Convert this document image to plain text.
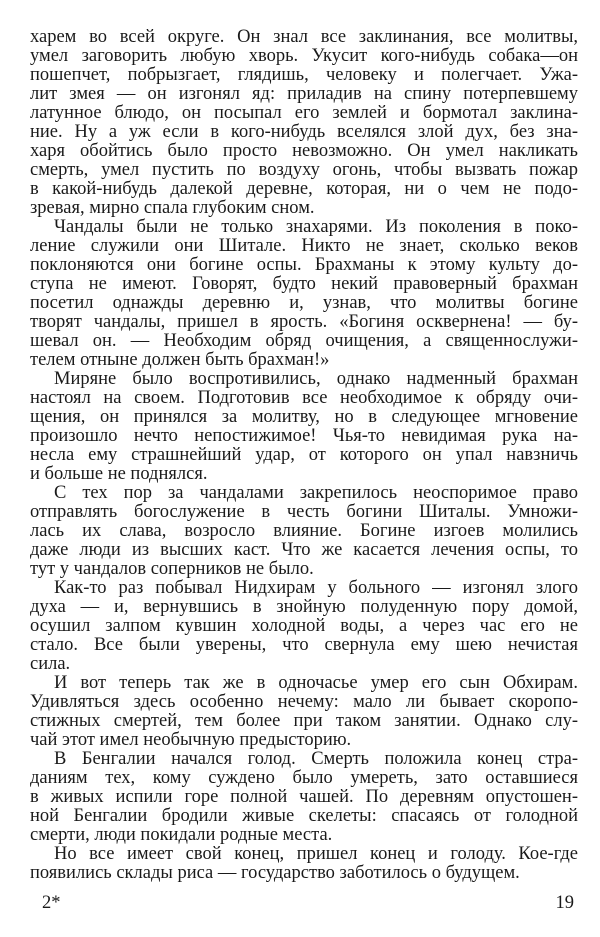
харем во всей округе. Он знал все заклинания, все молитвы,
умел заговорить любую хворь. Укусит кого-нибудь собака—он
пошепчет, побрызгает, глядишь, человеку и полегчает. Ужа-
лит змея — он изгонял яд: приладив на спину потерпевшему
латунное блюдо, он посыпал его землей и бормотал заклина-
ние. Ну а уж если в кого-нибудь вселялся злой дух, без зна-
харя обойтись было просто невозможно. Он умел накликать
смерть, умел пустить по воздуху огонь, чтобы вызвать пожар
в какой-нибудь далекой деревне, которая, ни о чем не подо-
зревая, мирно спала глубоким сном.
Чандалы были не только знахарями. Из поколения в поко-
ление служили они Шитале. Никто не знает, сколько веков
поклоняются они богине оспы. Брахманы к этому культу до-
ступа не имеют. Говорят, будто некий правоверный брахман
посетил однажды деревню и, узнав, что молитвы богине
творят чандалы, пришел в ярость. «Богиня осквернена! — бу-
шевал он. — Необходим обряд очищения, а священнослужи-
телем отныне должен быть брахман!»
Миряне было воспротивились, однако надменный брахман
настоял на своем. Подготовив все необходимое к обряду очи-
щения, он принялся за молитву, но в следующее мгновение
произошло нечто непостижимое! Чья-то невидимая рука на-
несла ему страшнейший удар, от которого он упал навзничь
и больше не поднялся.
С тех пор за чандалами закрепилось неоспоримое право
отправлять богослужение в честь богини Шиталы. Умножи-
лась их слава, возросло влияние. Богине изгоев молились
даже люди из высших каст. Что же касается лечения оспы, то
тут у чандалов соперников не было.
Как-то раз побывал Нидхирам у больного — изгонял злого
духа — и, вернувшись в знойную полуденную пору домой,
осушил залпом кувшин холодной воды, а через час его не
стало. Все были уверены, что свернула ему шею нечистая
сила.
И вот теперь так же в одночасье умер его сын Обхирам.
Удивляться здесь особенно нечему: мало ли бывает скоропо-
стижных смертей, тем более при таком занятии. Однако слу-
чай этот имел необычную предысторию.
В Бенгалии начался голод. Смерть положила конец стра-
даниям тех, кому суждено было умереть, зато оставшиеся
в живых испили горе полной чашей. По деревням опустошен-
ной Бенгалии бродили живые скелеты: спасаясь от голодной
смерти, люди покидали родные места.
Но все имеет свой конец, пришел конец и голоду. Кое-где
появились склады риса — государство заботилось о будущем.
2*	19
